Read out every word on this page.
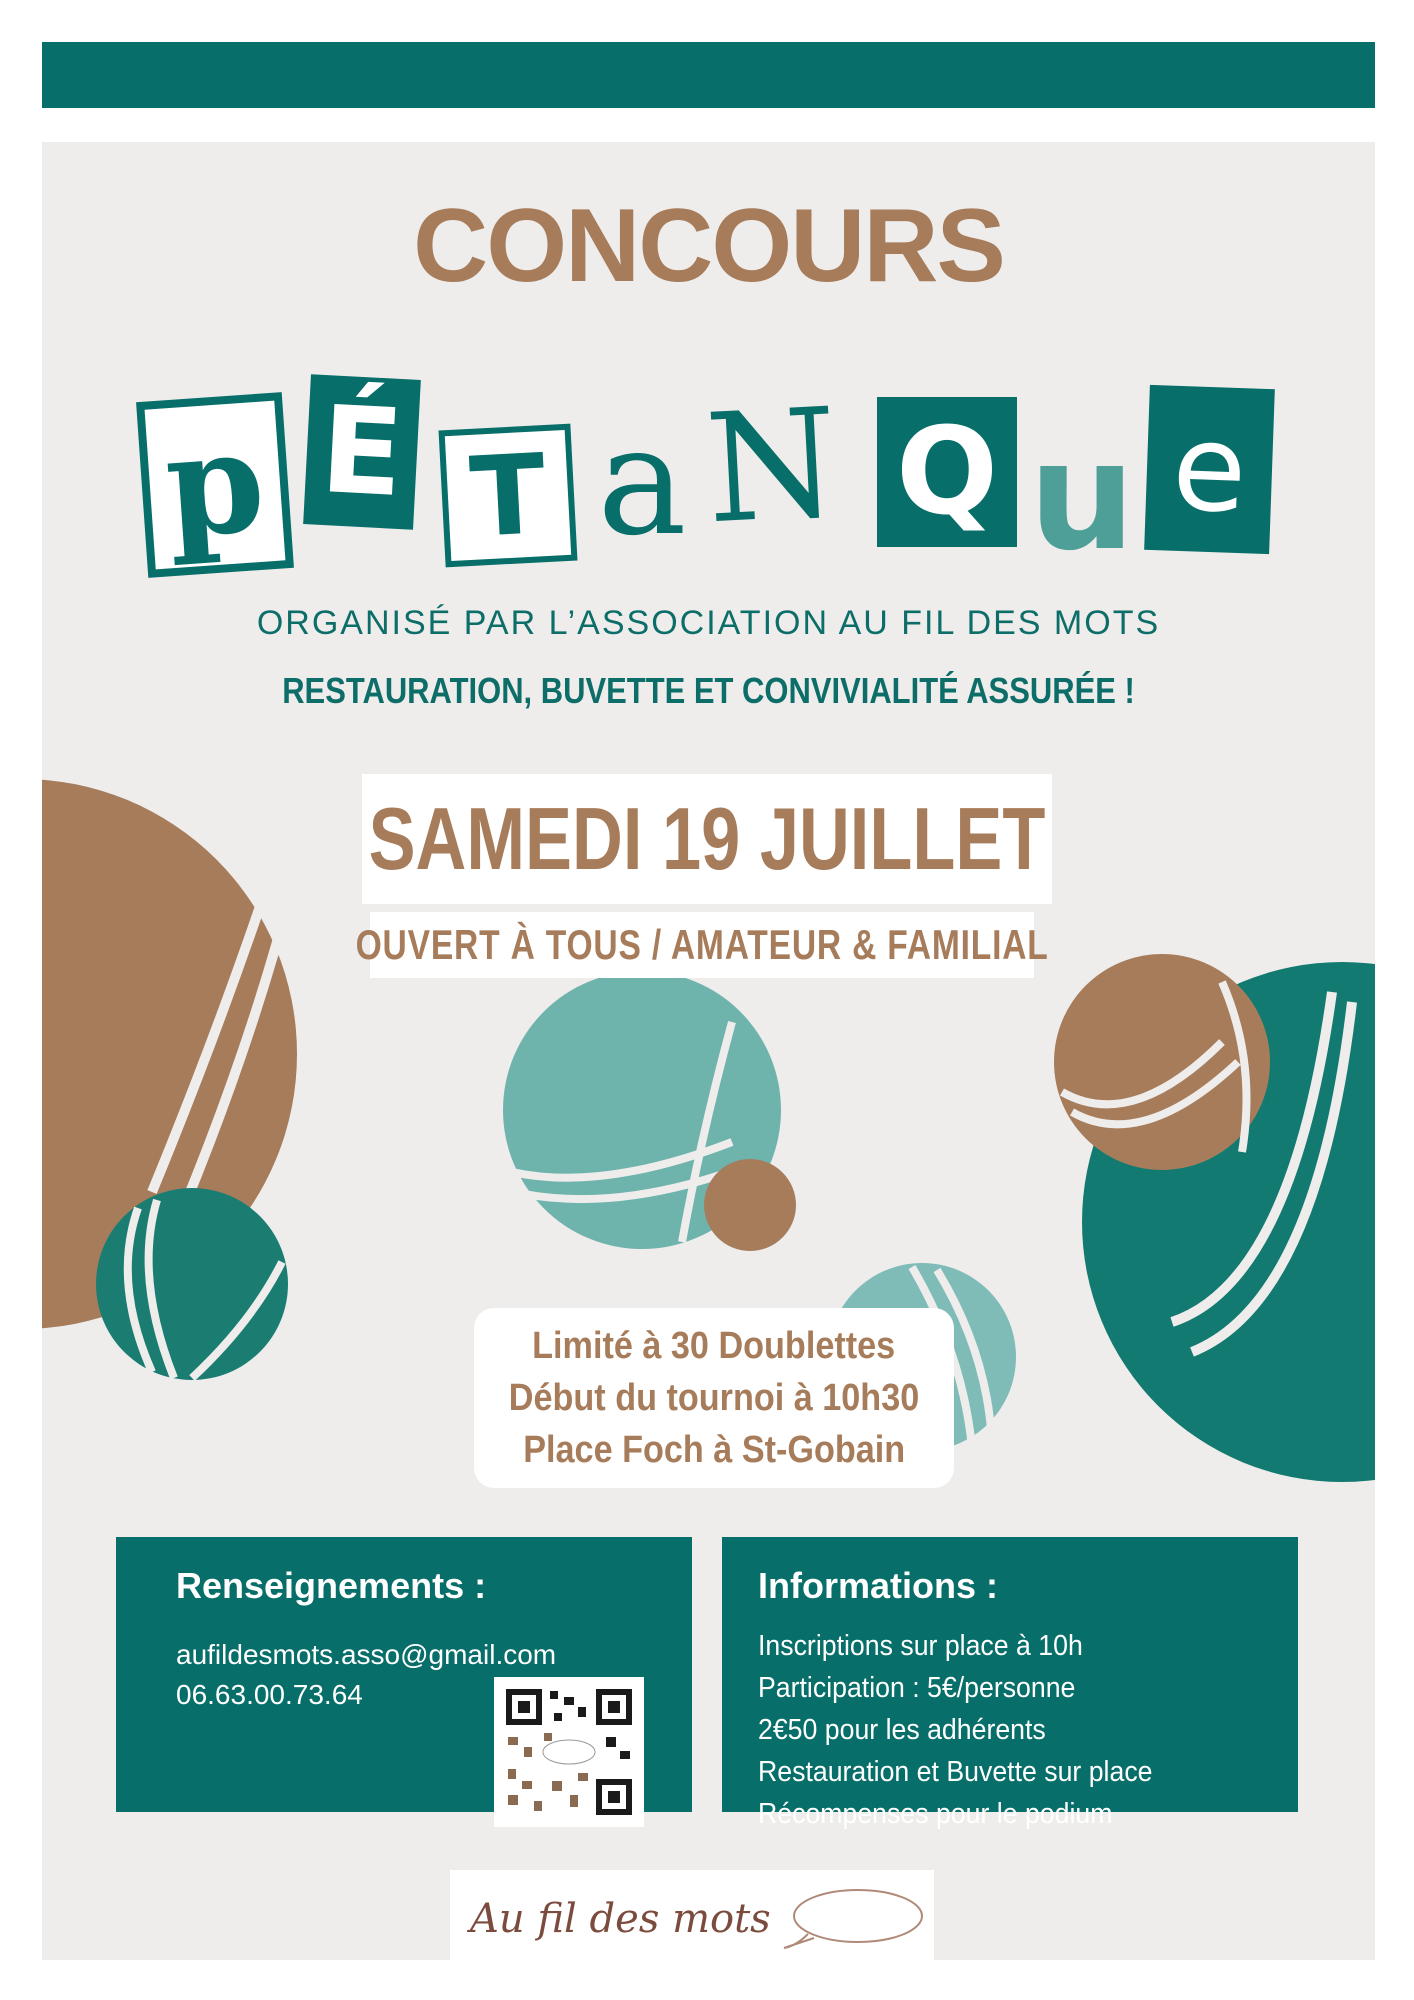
CONCOURS
p É T a N Q u e
ORGANISÉ PAR L’ASSOCIATION AU FIL DES MOTS
RESTAURATION, BUVETTE ET CONVIVIALITÉ ASSURÉE !
SAMEDI 19 JUILLET
OUVERT À TOUS / AMATEUR & FAMILIAL
Limité à 30 Doublettes
Début du tournoi à 10h30
Place Foch à St-Gobain
Renseignements :
aufildesmots.asso@gmail.com
06.63.00.73.64
Informations :
Inscriptions sur place à 10h
Participation : 5€/personne
2€50 pour les adhérents
Restauration et Buvette sur place
Récompenses pour le podium
Au fil des mots
